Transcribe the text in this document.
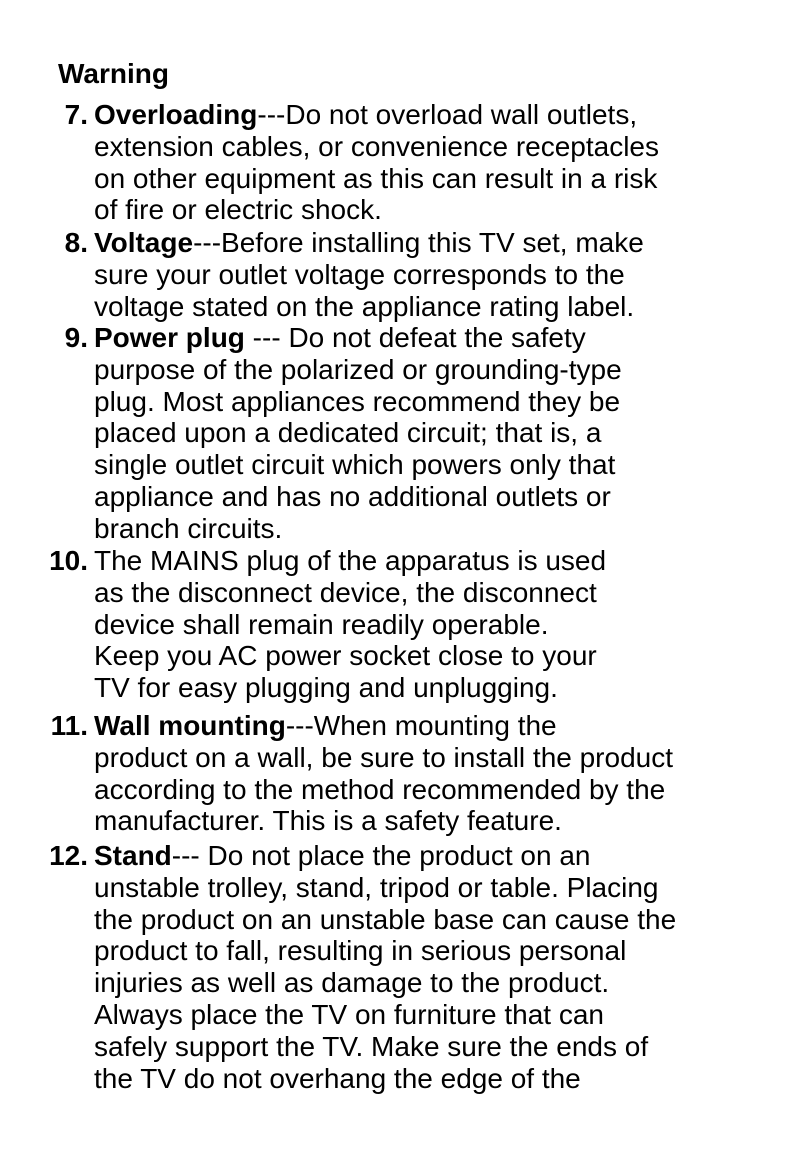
Warning
7. Overloading---Do not overload wall outlets,
extension cables, or convenience receptacles
on other equipment as this can result in a risk
of fire or electric shock.
8. Voltage---Before installing this TV set, make
sure your outlet voltage corresponds to the
voltage stated on the appliance rating label.
9. Power plug --- Do not defeat the safety
purpose of the polarized or grounding-type
plug. Most appliances recommend they be
placed upon a dedicated circuit; that is, a
single outlet circuit which powers only that
appliance and has no additional outlets or
branch circuits.
10. The MAINS plug of the apparatus is used
as the disconnect device, the disconnect
device shall remain readily operable.
Keep you AC power socket close to your
TV for easy plugging and unplugging.
11. Wall mounting---When mounting the
product on a wall, be sure to install the product
according to the method recommended by the
manufacturer. This is a safety feature.
12. Stand--- Do not place the product on an
unstable trolley, stand, tripod or table. Placing
the product on an unstable base can cause the
product to fall, resulting in serious personal
injuries as well as damage to the product.
Always place the TV on furniture that can
safely support the TV. Make sure the ends of
the TV do not overhang the edge of the
